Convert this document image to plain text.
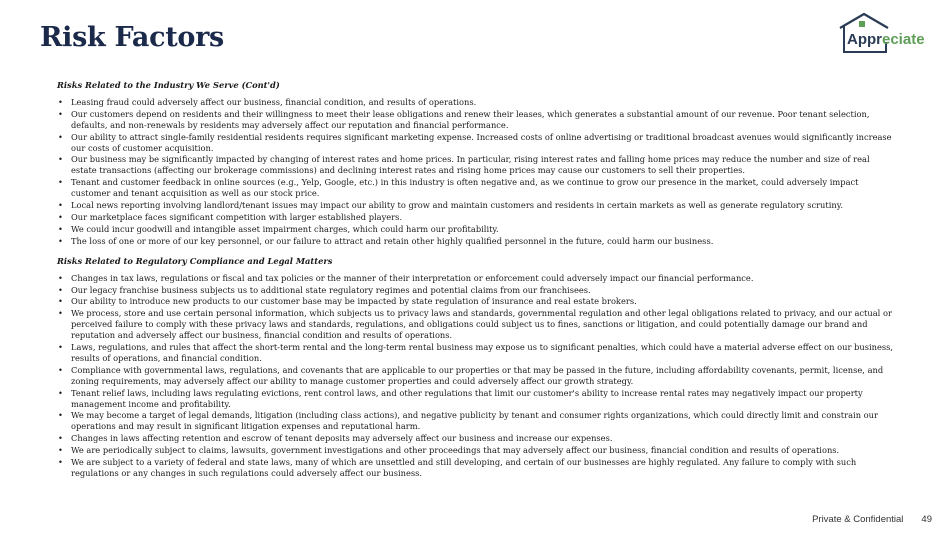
Risk Factors	Appreciate
Risks Related to the Industry We Serve (Cont'd)
• Leasing fraud could adversely affect our business, financial condition, and results of operations.
• Our customers depend on residents and their willingness to meet their lease obligations and renew their leases, which generates a substantial amount of our revenue. Poor tenant selection, defaults, and non-renewals by residents may adversely affect our reputation and financial performance.
• Our ability to attract single-family residential residents requires significant marketing expense. Increased costs of online advertising or traditional broadcast avenues would significantly increase our costs of customer acquisition.
• Our business may be significantly impacted by changing of interest rates and home prices. In particular, rising interest rates and falling home prices may reduce the number and size of real estate transactions (affecting our brokerage commissions) and declining interest rates and rising home prices may cause our customers to sell their properties.
• Tenant and customer feedback in online sources (e.g., Yelp, Google, etc.) in this industry is often negative and, as we continue to grow our presence in the market, could adversely impact customer and tenant acquisition as well as our stock price.
• Local news reporting involving landlord/tenant issues may impact our ability to grow and maintain customers and residents in certain markets as well as generate regulatory scrutiny.
• Our marketplace faces significant competition with larger established players.
• We could incur goodwill and intangible asset impairment charges, which could harm our profitability.
• The loss of one or more of our key personnel, or our failure to attract and retain other highly qualified personnel in the future, could harm our business.
Risks Related to Regulatory Compliance and Legal Matters
• Changes in tax laws, regulations or fiscal and tax policies or the manner of their interpretation or enforcement could adversely impact our financial performance.
• Our legacy franchise business subjects us to additional state regulatory regimes and potential claims from our franchisees.
• Our ability to introduce new products to our customer base may be impacted by state regulation of insurance and real estate brokers.
• We process, store and use certain personal information, which subjects us to privacy laws and standards, governmental regulation and other legal obligations related to privacy, and our actual or perceived failure to comply with these privacy laws and standards, regulations, and obligations could subject us to fines, sanctions or litigation, and could potentially damage our brand and reputation and adversely affect our business, financial condition and results of operations.
• Laws, regulations, and rules that affect the short-term rental and the long-term rental business may expose us to significant penalties, which could have a material adverse effect on our business, results of operations, and financial condition.
• Compliance with governmental laws, regulations, and covenants that are applicable to our properties or that may be passed in the future, including affordability covenants, permit, license, and zoning requirements, may adversely affect our ability to manage customer properties and could adversely affect our growth strategy.
• Tenant relief laws, including laws regulating evictions, rent control laws, and other regulations that limit our customer's ability to increase rental rates may negatively impact our property management income and profitability.
• We may become a target of legal demands, litigation (including class actions), and negative publicity by tenant and consumer rights organizations, which could directly limit and constrain our operations and may result in significant litigation expenses and reputational harm.
• Changes in laws affecting retention and escrow of tenant deposits may adversely affect our business and increase our expenses.
• We are periodically subject to claims, lawsuits, government investigations and other proceedings that may adversely affect our business, financial condition and results of operations.
• We are subject to a variety of federal and state laws, many of which are unsettled and still developing, and certain of our businesses are highly regulated. Any failure to comply with such regulations or any changes in such regulations could adversely affect our business.
Private & Confidential 49
